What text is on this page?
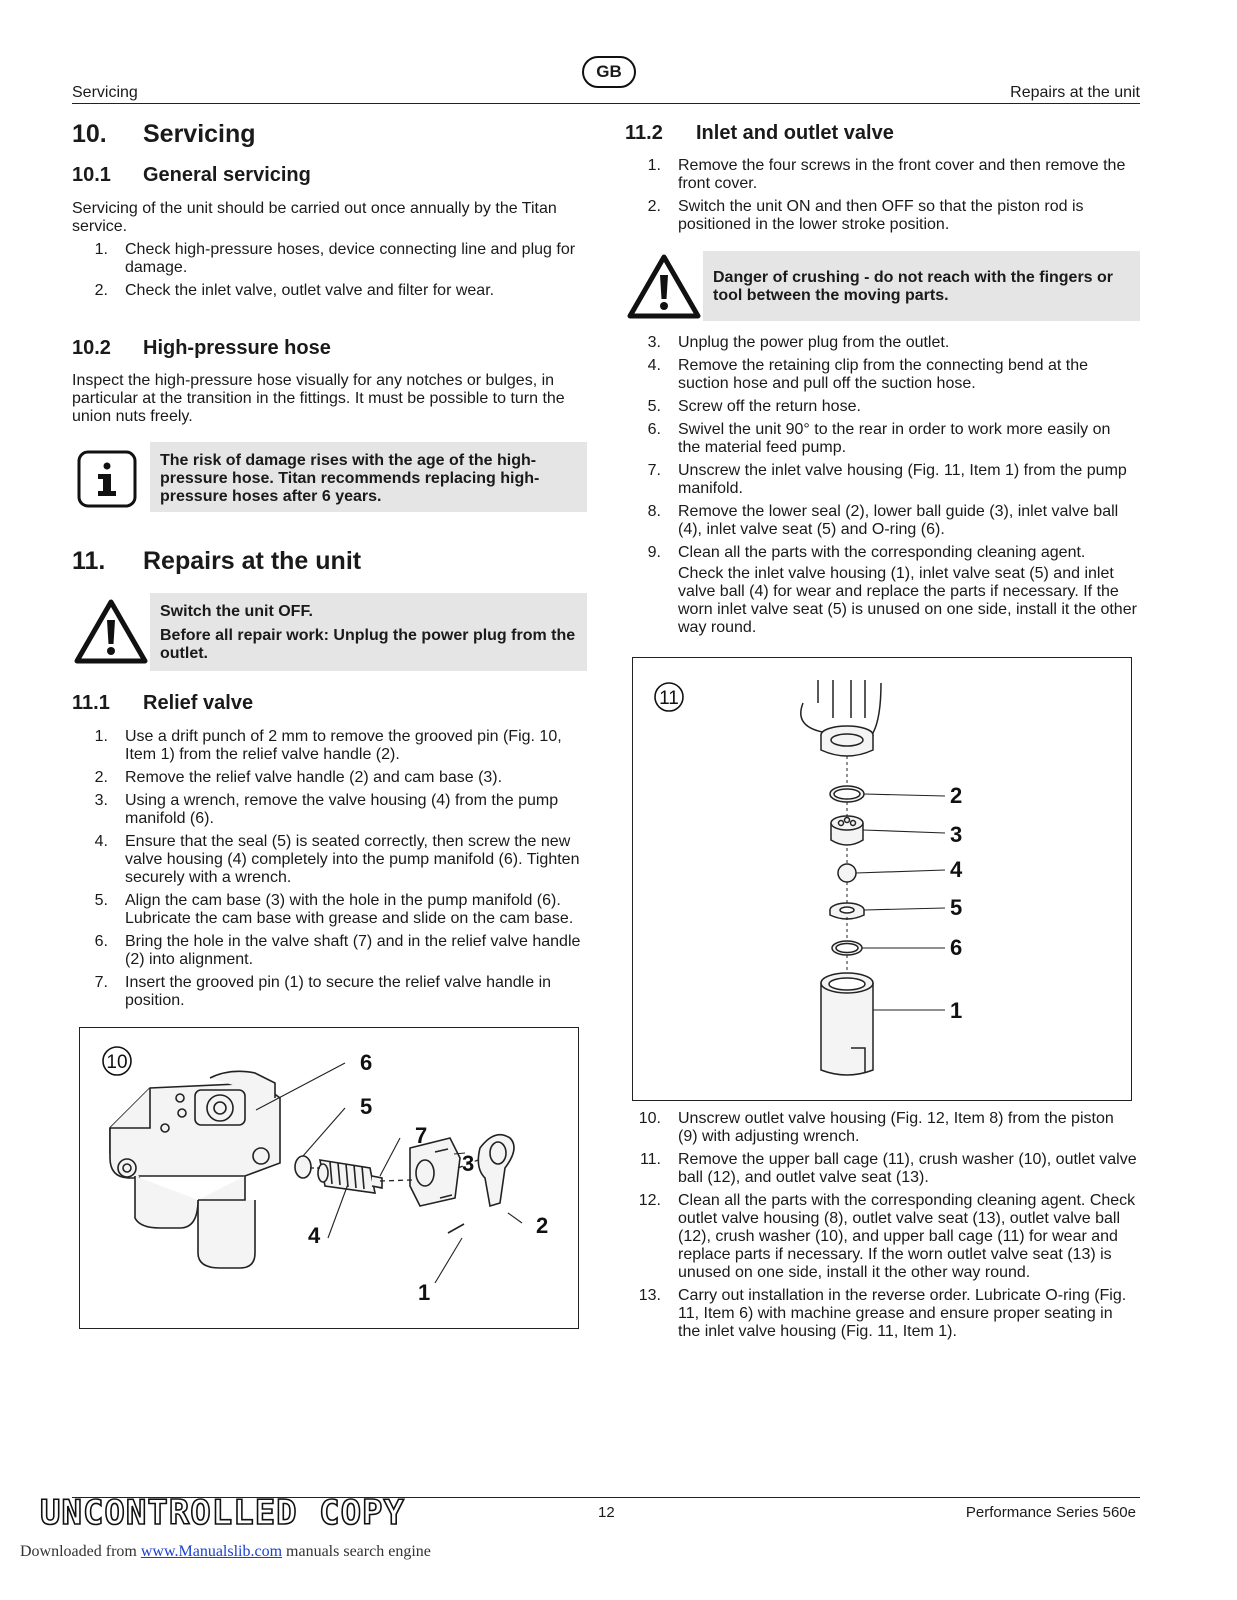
GB
Servicing	Repairs at the unit
10. Servicing
10.1 General servicing
Servicing of the unit should be carried out once annually by the Titan service.
1. Check high-pressure hoses, device connecting line and plug for damage.
2. Check the inlet valve, outlet valve and filter for wear.
10.2 High-pressure hose
Inspect the high-pressure hose visually for any notches or bulges, in particular at the transition in the fittings. It must be possible to turn the union nuts freely.

The risk of damage rises with the age of the high-pressure hose. Titan recommends replacing high-pressure hoses after 6 years.

11. Repairs at the unit

Switch the unit OFF.

Before all repair work: Unplug the power plug from the outlet.

11.1 Relief valve
1. Use a drift punch of 2 mm to remove the grooved pin (Fig. 10, Item 1) from the relief valve handle (2).
2. Remove the relief valve handle (2) and cam base (3).
3. Using a wrench, remove the valve housing (4) from the pump manifold (6).
4. Ensure that the seal (5) is seated correctly, then screw the new valve housing (4) completely into the pump manifold (6). Tighten securely with a wrench.
5. Align the cam base (3) with the hole in the pump manifold (6). Lubricate the cam base with grease and slide on the cam base.
6. Bring the hole in the valve shaft (7) and in the relief valve handle (2) into alignment.
7. Insert the grooved pin (1) to secure the relief valve handle in position.
10	6
5
7
3
2
4
1
11.2 Inlet and outlet valve
1. Remove the four screws in the front cover and then remove the front cover.
2. Switch the unit ON and then OFF so that the piston rod is positioned in the lower stroke position.

Danger of crushing - do not reach with the fingers or tool between the moving parts.

3. Unplug the power plug from the outlet.
4. Remove the retaining clip from the connecting bend at the suction hose and pull off the suction hose.
5. Screw off the return hose.
6. Swivel the unit 90° to the rear in order to work more easily on the material feed pump.
7. Unscrew the inlet valve housing (Fig. 11, Item 1) from the pump manifold.
8. Remove the lower seal (2), lower ball guide (3), inlet valve ball (4), inlet valve seat (5) and O-ring (6).
9. Clean all the parts with the corresponding cleaning agent.
Check the inlet valve housing (1), inlet valve seat (5) and inlet valve ball (4) for wear and replace the parts if necessary. If the worn inlet valve seat (5) is unused on one side, install it the other way round.
11
2
3
4
5
6
1
10. Unscrew outlet valve housing (Fig. 12, Item 8) from the piston (9) with adjusting wrench.
11. Remove the upper ball cage (11), crush washer (10), outlet valve ball (12), and outlet valve seat (13).
12. Clean all the parts with the corresponding cleaning agent. Check outlet valve housing (8), outlet valve seat (13), outlet valve ball (12), crush washer (10), and upper ball cage (11) for wear and replace parts if necessary. If the worn outlet valve seat (13) is unused on one side, install it the other way round.
13. Carry out installation in the reverse order. Lubricate O-ring (Fig. 11, Item 6) with machine grease and ensure proper seating in the inlet valve housing (Fig. 11, Item 1).
UNCONTROLLED COPY	12	Performance Series 560e
Downloaded from www.Manualslib.com manuals search engine
